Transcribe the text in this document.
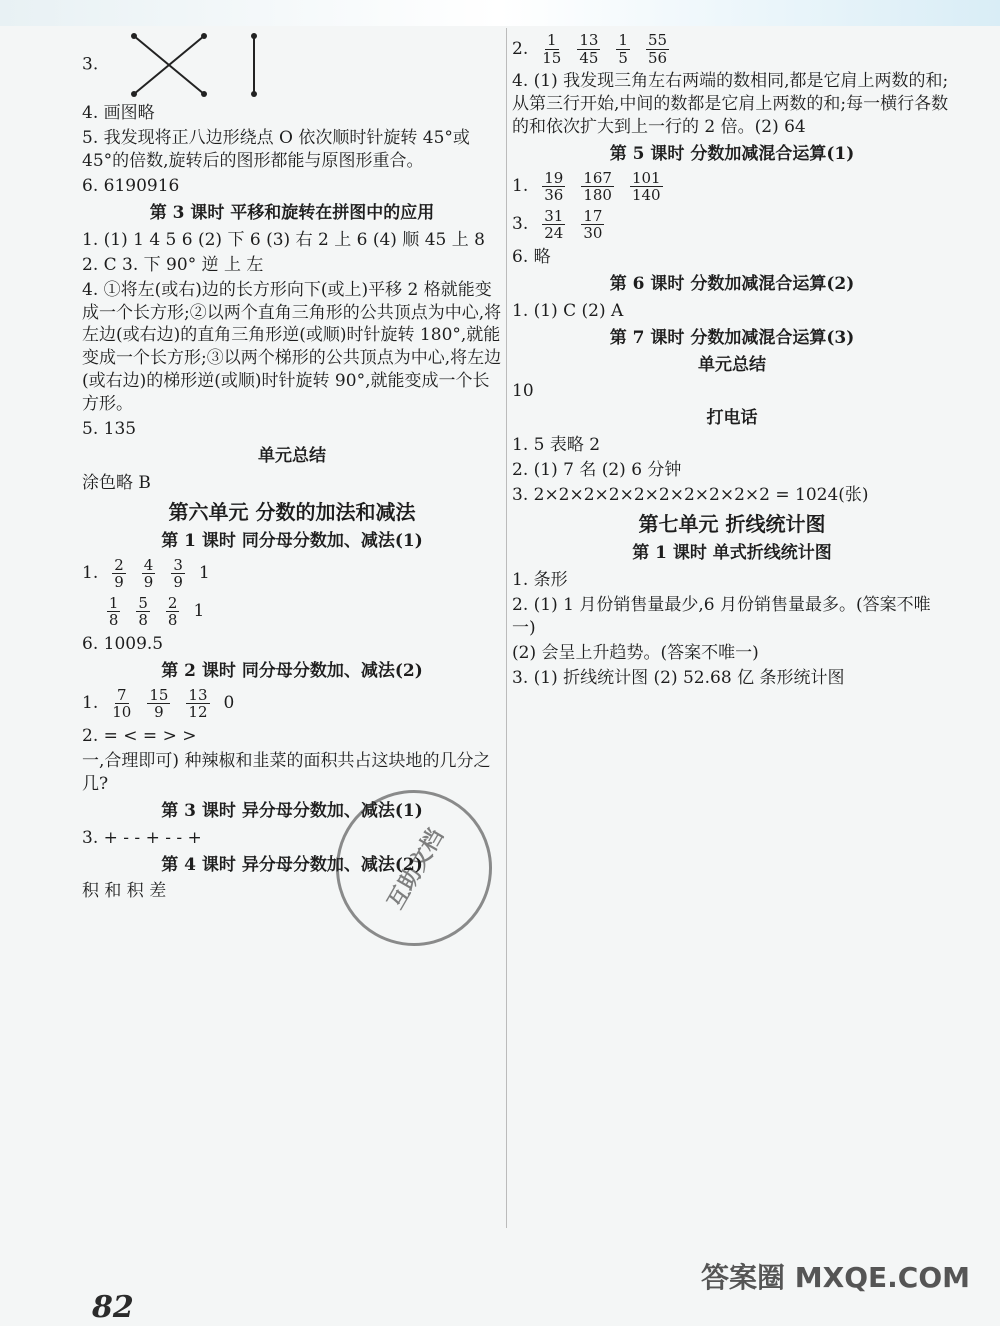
3.
4. 画图略
5. 我发现将正八边形绕点 O 依次顺时针旋转 45°或 45°的倍数,旋转后的图形都能与原图形重合。
6. 6190916
第 3 课时 平移和旋转在拼图中的应用
1. (1) 1 4 5 6 (2) 下 6 (3) 右 2 上 6 (4) 顺 45 上 8
2. C 3. 下 90° 逆 上 左
4. ①将左(或右)边的长方形向下(或上)平移 2 格就能变成一个长方形;②以两个直角三角形的公共顶点为中心,将左边(或右边)的直角三角形逆(或顺)时针旋转 180°,就能变成一个长方形;③以两个梯形的公共顶点为中心,将左边(或右边)的梯形逆(或顺)时针旋转 90°,就能变成一个长方形。
5. 135
单元总结
涂色略 B
第六单元 分数的加法和减法
第 1 课时 同分母分数加、减法(1)
1. 2
9
4
9
3
9 1

1
8
5
8
2
8 1
6. 1009.5
第 2 课时 同分母分数加、减法(2)
1. 7
10
15
9
13
12 0
2. = < = > >
一,合理即可) 种辣椒和韭菜的面积共占这块地的几分之几?
第 3 课时 异分母分数加、减法(1)
3. + - - + - - +
第 4 课时 异分母分数加、减法(2)
积 和 积 差
2. 1
15
13
45
1
5
55
56
4. (1) 我发现三角左右两端的数相同,都是它肩上两数的和;从第三行开始,中间的数都是它肩上两数的和;每一横行各数的和依次扩大到上一行的 2 倍。(2) 64
第 5 课时 分数加减混合运算(1)
1. 19
36
167
180
101
140
3. 31
24
17
30
6. 略
第 6 课时 分数加减混合运算(2)
1. (1) C (2) A
第 7 课时 分数加减混合运算(3)
单元总结
10
打电话
1. 5 表略 2
2. (1) 7 名 (2) 6 分钟
3. 2×2×2×2×2×2×2×2×2×2 = 1024(张)
第七单元 折线统计图
第 1 课时 单式折线统计图
1. 条形
2. (1) 1 月份销售量最少,6 月份销售量最多。(答案不唯一)
(2) 会呈上升趋势。(答案不唯一)
3. (1) 折线统计图 (2) 52.68 亿 条形统计图
互助文档
82
答案圈 MXQE.COM
